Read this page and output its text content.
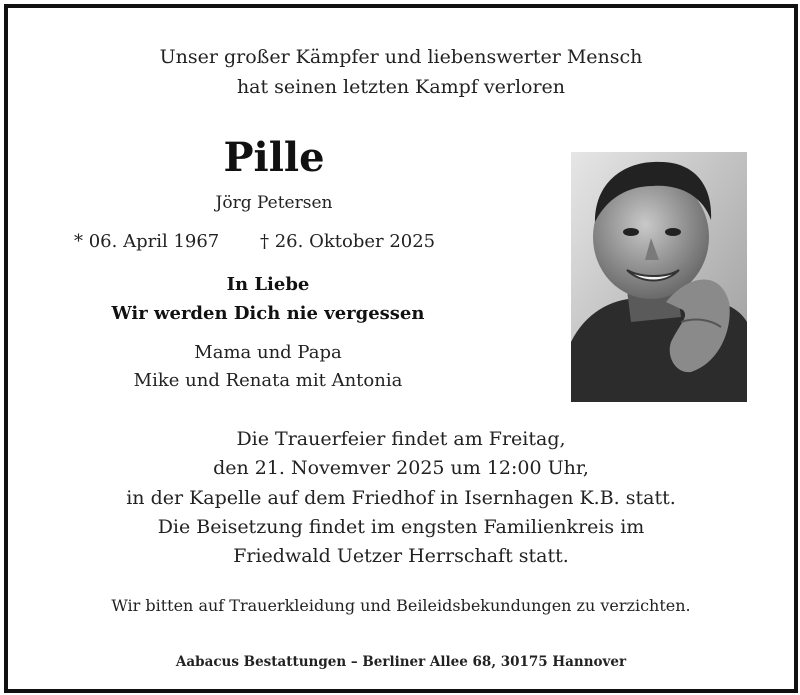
Unser großer Kämpfer und liebenswerter Mensch
hat seinen letzten Kampf verloren
Pille
Jörg Petersen
* 06. April 1967 † 26. Oktober 2025
In Liebe
Wir werden Dich nie vergessen
Mama und Papa
Mike und Renata mit Antonia
Die Trauerfeier findet am Freitag,
den 21. Novemver 2025 um 12:00 Uhr,
in der Kapelle auf dem Friedhof in Isernhagen K.B. statt.
Die Beisetzung findet im engsten Familienkreis im
Friedwald Uetzer Herrschaft statt.
Wir bitten auf Trauerkleidung und Beileidsbekundungen zu verzichten.
Aabacus Bestattungen – Berliner Allee 68, 30175 Hannover
